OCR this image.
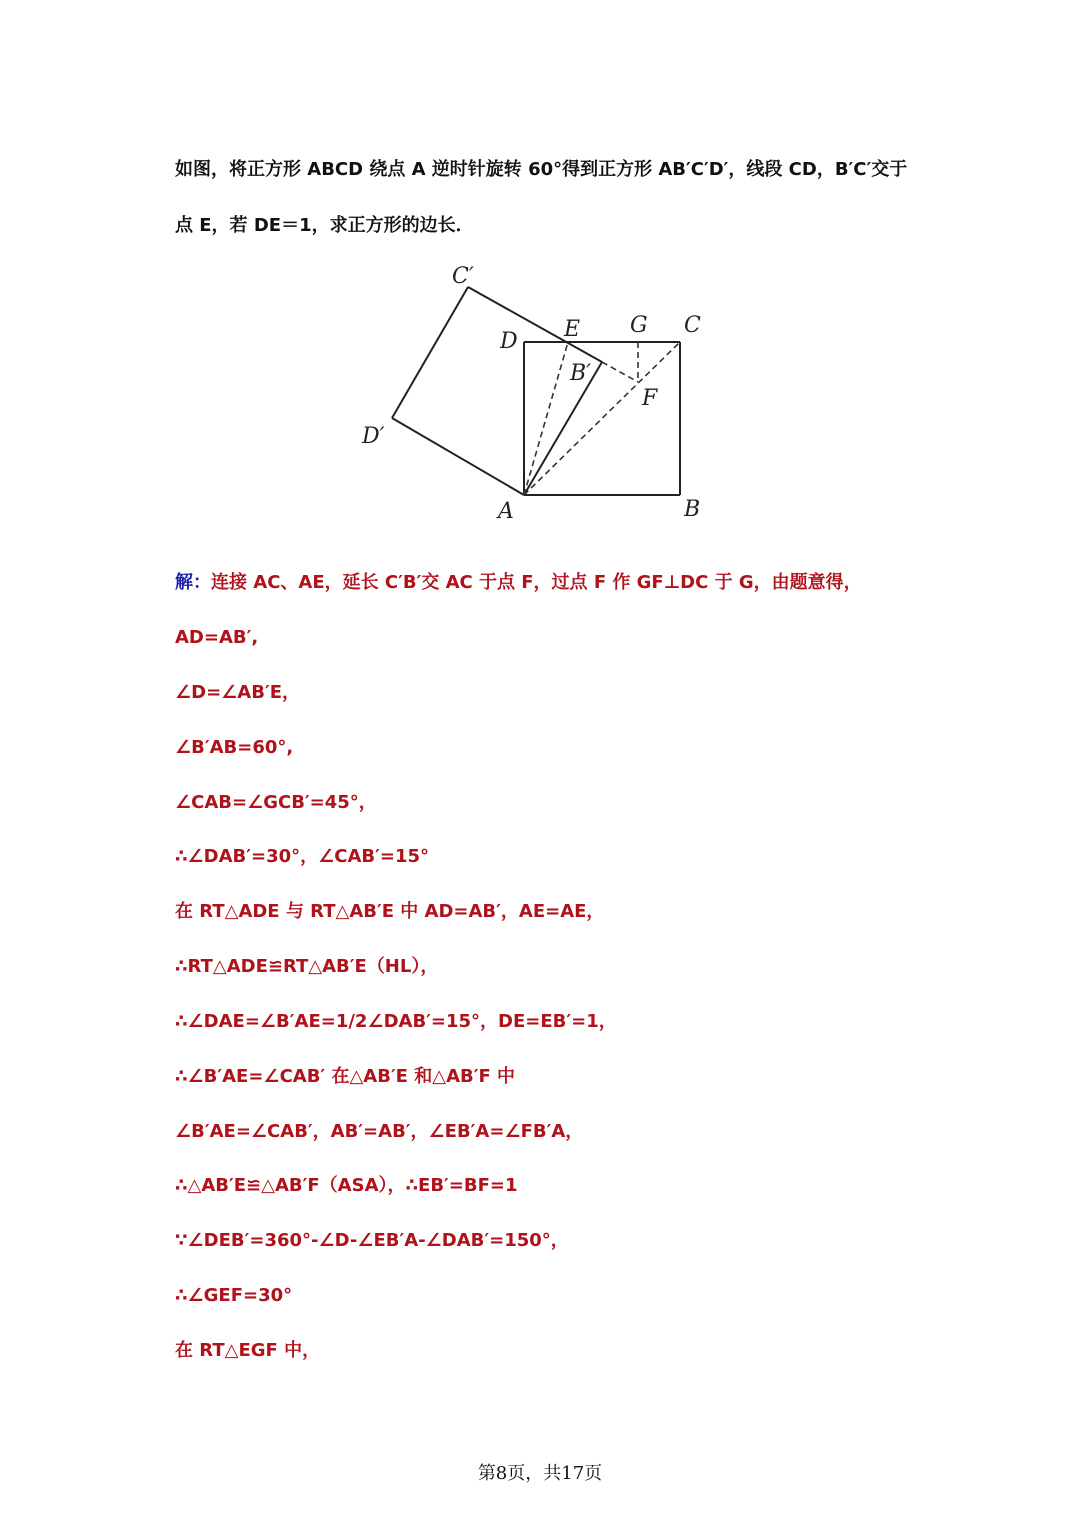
如图，将正方形 ABCD 绕点 A 逆时针旋转 60°得到正方形 AB′C′D′，线段 CD，B′C′交于
点 E，若 DE＝1，求正方形的边长．
C′
D E G C
B′
F
D′
A	B
解：连接 AC、AE，延长 C′B′交 AC 于点 F，过点 F 作 GF⊥DC 于 G，由题意得，
AD=AB′,
∠D=∠AB′E，
∠B′AB=60°,
∠CAB=∠GCB′=45°，
∴∠DAB′=30°，∠CAB′=15°
在 RT△ADE 与 RT△AB′E 中 AD=AB′，AE=AE，
∴RT△ADE≌RT△AB′E（HL），
∴∠DAE=∠B′AE=1/2∠DAB′=15°，DE=EB′=1，
∴∠B′AE=∠CAB′ 在△AB′E 和△AB′F 中
∠B′AE=∠CAB′，AB′=AB′，∠EB′A=∠FB′A，
∴△AB′E≌△AB′F（ASA），∴EB′=BF=1
∵∠DEB′=360°-∠D-∠EB′A-∠DAB′=150°，
∴∠GEF=30°
在 RT△EGF 中，
第8页，共17页
